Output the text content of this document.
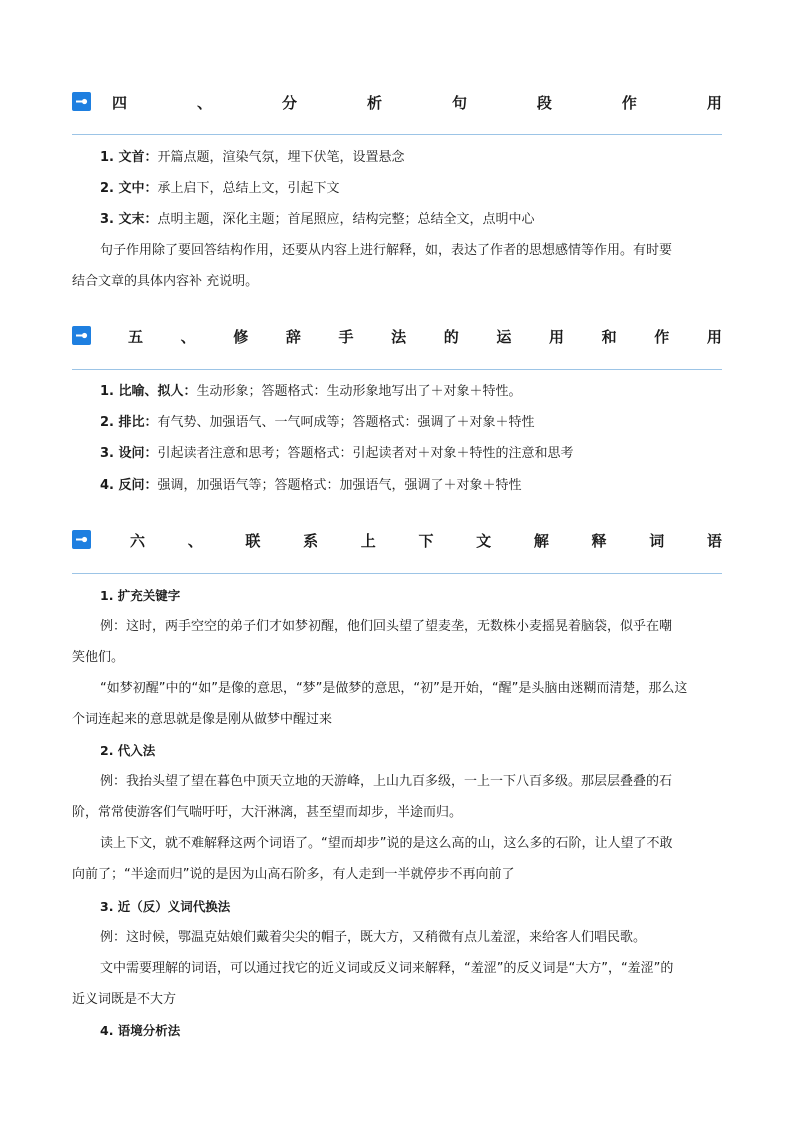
四	、	分	析	句	段	作	用
1. 文首：开篇点题，渲染气氛，埋下伏笔，设置悬念
2. 文中：承上启下，总结上文，引起下文
3. 文末：点明主题，深化主题；首尾照应，结构完整；总结全文，点明中心
句子作用除了要回答结构作用，还要从内容上进行解释，如，表达了作者的思想感情等作用。有时要
结合文章的具体内容补 充说明。
五	、	修	辞	手	法	的	运	用	和	作	用
1. 比喻、拟人：生动形象；答题格式：生动形象地写出了＋对象＋特性。
2. 排比：有气势、加强语气、一气呵成等；答题格式：强调了＋对象＋特性
3. 设问：引起读者注意和思考；答题格式：引起读者对＋对象＋特性的注意和思考
4. 反问：强调，加强语气等；答题格式：加强语气，强调了＋对象＋特性
六	、	联	系	上	下	文	解	释	词	语
1. 扩充关键字
例：这时，两手空空的弟子们才如梦初醒，他们回头望了望麦垄，无数株小麦摇晃着脑袋，似乎在嘲
笑他们。
“如梦初醒”中的“如”是像的意思，“梦”是做梦的意思，“初”是开始，“醒”是头脑由迷糊而清楚，那么这
个词连起来的意思就是像是刚从做梦中醒过来
2. 代入法
例：我抬头望了望在暮色中顶天立地的天游峰，上山九百多级，一上一下八百多级。那层层叠叠的石
阶，常常使游客们气喘吁吁，大汗淋漓，甚至望而却步，半途而归。
读上下文，就不难解释这两个词语了。“望而却步”说的是这么高的山，这么多的石阶，让人望了不敢
向前了；“半途而归”说的是因为山高石阶多，有人走到一半就停步不再向前了
3. 近（反）义词代换法
例：这时候，鄂温克姑娘们戴着尖尖的帽子，既大方，又稍微有点儿羞涩，来给客人们唱民歌。
文中需要理解的词语，可以通过找它的近义词或反义词来解释，“羞涩”的反义词是“大方”，“羞涩”的
近义词既是不大方
4. 语境分析法
